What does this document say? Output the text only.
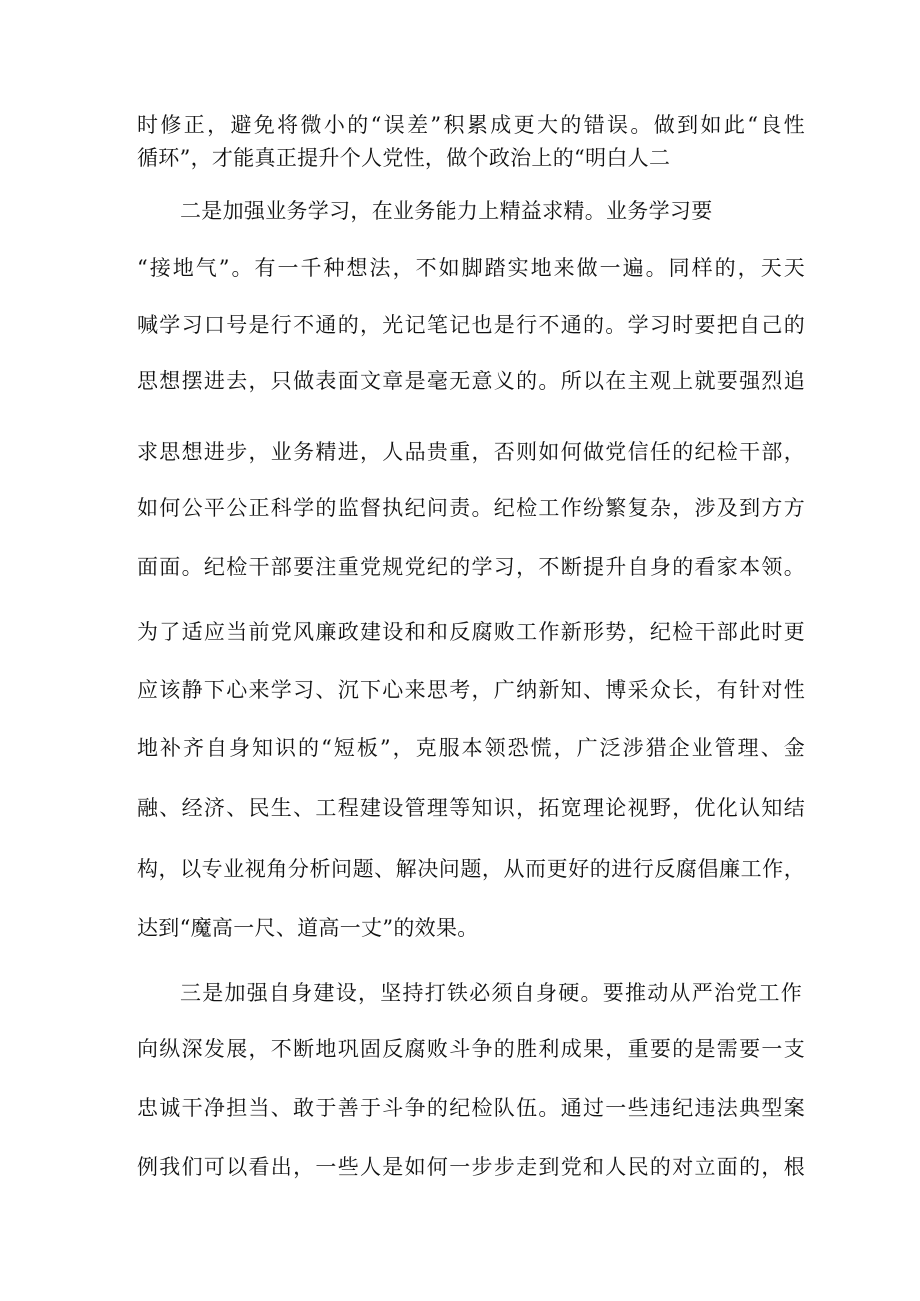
时修正，避免将微小的“误差”积累成更大的错误。做到如此“良性
循环”，才能真正提升个人党性，做个政治上的“明白人二
二是加强业务学习，在业务能力上精益求精。业务学习要
“接地气”。有一千种想法，不如脚踏实地来做一遍。同样的，天天
喊学习口号是行不通的，光记笔记也是行不通的。学习时要把自己的
思想摆进去，只做表面文章是毫无意义的。所以在主观上就要强烈追
求思想进步，业务精进，人品贵重，否则如何做党信任的纪检干部，
如何公平公正科学的监督执纪问责。纪检工作纷繁复杂，涉及到方方
面面。纪检干部要注重党规党纪的学习，不断提升自身的看家本领。
为了适应当前党风廉政建设和和反腐败工作新形势，纪检干部此时更
应该静下心来学习、沉下心来思考，广纳新知、博采众长，有针对性
地补齐自身知识的“短板”，克服本领恐慌，广泛涉猎企业管理、金
融、经济、民生、工程建设管理等知识，拓宽理论视野，优化认知结
构，以专业视角分析问题、解决问题，从而更好的进行反腐倡廉工作，
达到“魔高一尺、道高一丈”的效果。
三是加强自身建设，坚持打铁必须自身硬。要推动从严治党工作
向纵深发展，不断地巩固反腐败斗争的胜利成果，重要的是需要一支
忠诚干净担当、敢于善于斗争的纪检队伍。通过一些违纪违法典型案
例我们可以看出，一些人是如何一步步走到党和人民的对立面的，根
